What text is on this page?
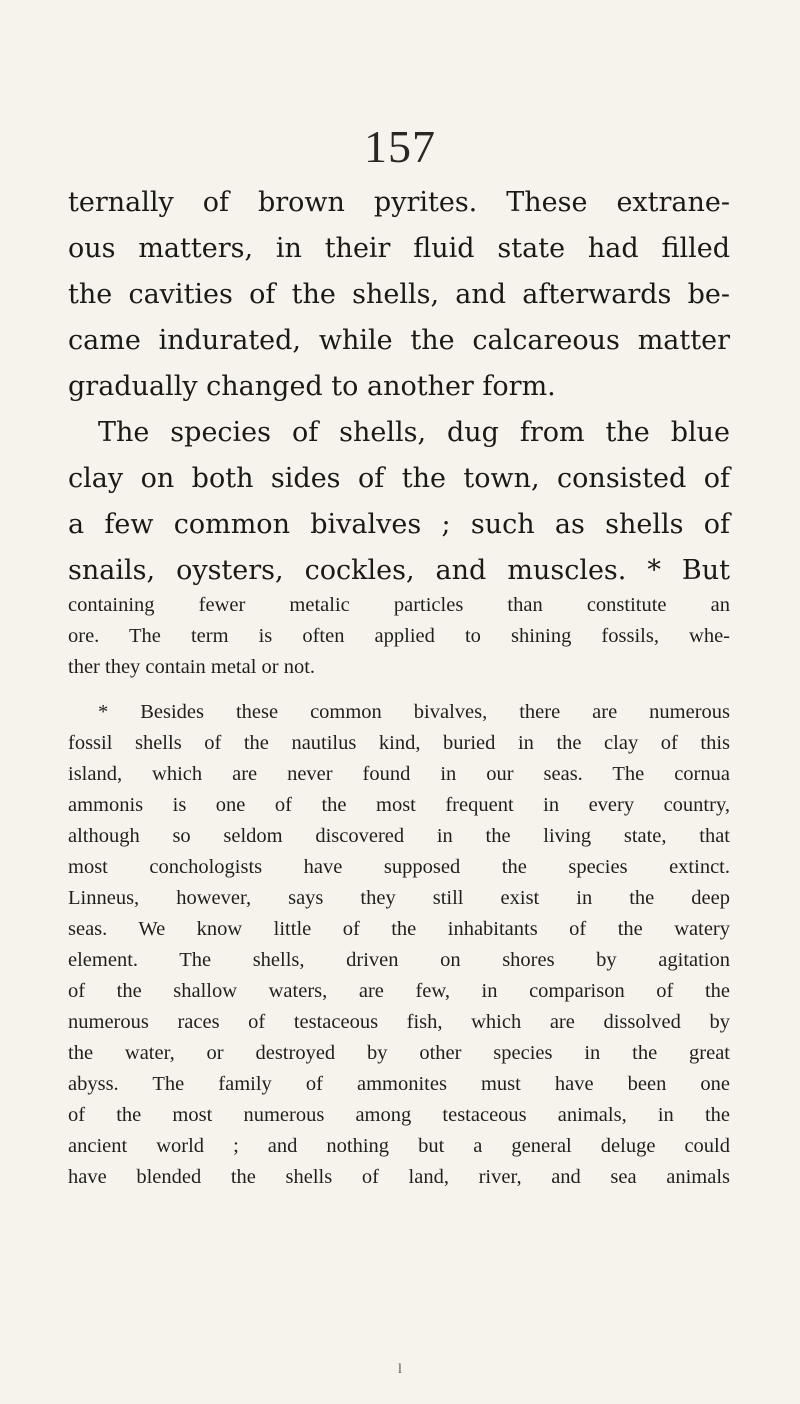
157
ternally of brown pyrites. These extrane-
ous matters, in their fluid state had filled
the cavities of the shells, and afterwards be-
came indurated, while the calcareous matter
gradually changed to another form.
The species of shells, dug from the blue
clay on both sides of the town, consisted of
a few common bivalves ; such as shells of
snails, oysters, cockles, and muscles. * But
containing fewer metalic particles than constitute an
ore. The term is often applied to shining fossils, whe-
ther they contain metal or not.
* Besides these common bivalves, there are numerous
fossil shells of the nautilus kind, buried in the clay of this
island, which are never found in our seas. The cornua
ammonis is one of the most frequent in every country,
although so seldom discovered in the living state, that
most conchologists have supposed the species extinct.
Linneus, however, says they still exist in the deep
seas. We know little of the inhabitants of the watery
element. The shells, driven on shores by agitation
of the shallow waters, are few, in comparison of the
numerous races of testaceous fish, which are dissolved by
the water, or destroyed by other species in the great
abyss. The family of ammonites must have been one
of the most numerous among testaceous animals, in the
ancient world ; and nothing but a general deluge could
have blended the shells of land, river, and sea animals
l
